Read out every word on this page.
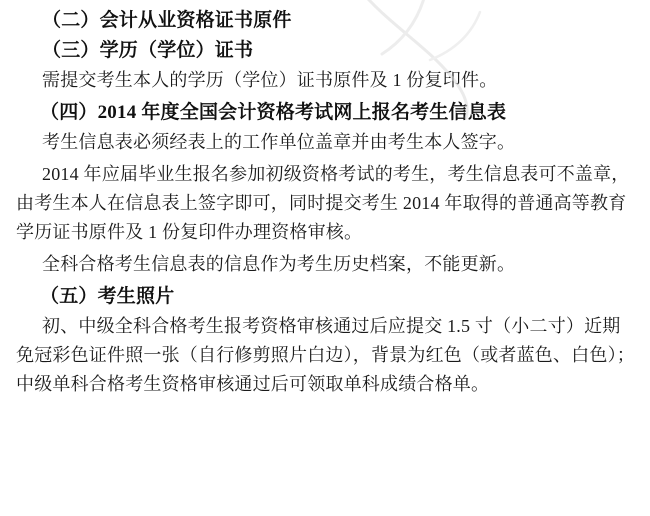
（二）会计从业资格证书原件
（三）学历（学位）证书
需提交考生本人的学历（学位）证书原件及 1 份复印件。
（四）2014 年度全国会计资格考试网上报名考生信息表
考生信息表必须经表上的工作单位盖章并由考生本人签字。
2014 年应届毕业生报名参加初级资格考试的考生，考生信息表可不盖章，
由考生本人在信息表上签字即可，同时提交考生 2014 年取得的普通高等教育
学历证书原件及 1 份复印件办理资格审核。
全科合格考生信息表的信息作为考生历史档案，不能更新。
（五）考生照片
初、中级全科合格考生报考资格审核通过后应提交 1.5 寸（小二寸）近期
免冠彩色证件照一张（自行修剪照片白边），背景为红色（或者蓝色、白色）；
中级单科合格考生资格审核通过后可领取单科成绩合格单。
